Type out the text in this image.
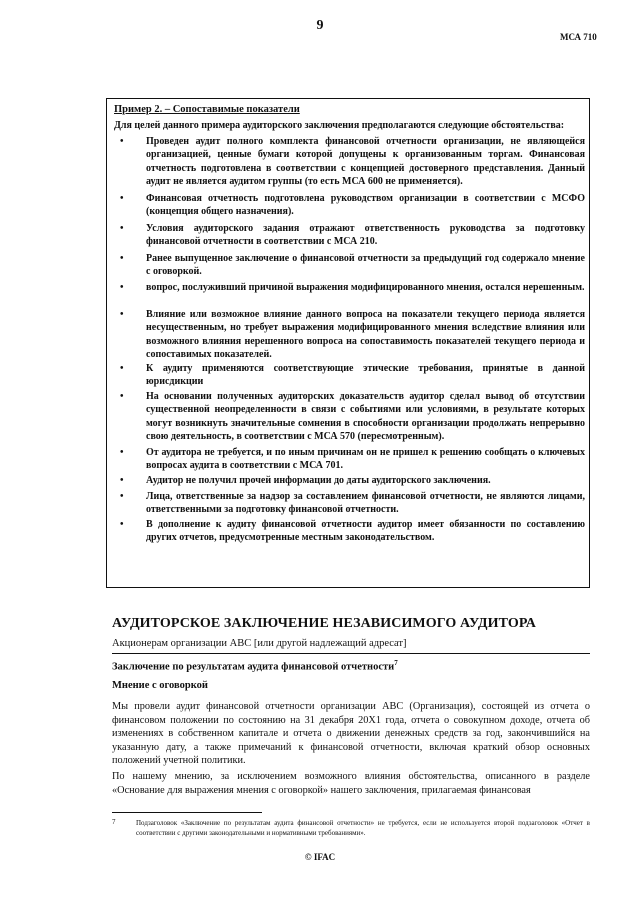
9
МСА 710
Пример 2. – Сопоставимые показатели
Для целей данного примера аудиторского заключения предполагаются следующие обстоятельства:
• Проведен аудит полного комплекта финансовой отчетности организации, не являющейся организацией, ценные бумаги которой допущены к организованным торгам. Финансовая отчетность подготовлена в соответствии с концепцией достоверного представления. Данный аудит не является аудитом группы (то есть МСА 600 не применяется).
• Финансовая отчетность подготовлена руководством организации в соответствии с МСФО (концепция общего назначения).
• Условия аудиторского задания отражают ответственность руководства за подготовку финансовой отчетности в соответствии с МСА 210.
• Ранее выпущенное заключение о финансовой отчетности за предыдущий год содержало мнение с оговоркой.
• вопрос, послуживший причиной выражения модифицированного мнения, остался нерешенным.
• Влияние или возможное влияние данного вопроса на показатели текущего периода является несущественным, но требует выражения модифицированного мнения вследствие влияния или возможного влияния нерешенного вопроса на сопоставимость показателей текущего периода и сопоставимых показателей.
• К аудиту применяются соответствующие этические требования, принятые в данной юрисдикции
• На основании полученных аудиторских доказательств аудитор сделал вывод об отсутствии существенной неопределенности в связи с событиями или условиями, в результате которых могут возникнуть значительные сомнения в способности организации продолжать непрерывно свою деятельность, в соответствии с МСА 570 (пересмотренным).
• От аудитора не требуется, и по иным причинам он не пришел к решению сообщать о ключевых вопросах аудита в соответствии с МСА 701.
• Аудитор не получил прочей информации до даты аудиторского заключения.
• Лица, ответственные за надзор за составлением финансовой отчетности, не являются лицами, ответственными за подготовку финансовой отчетности.
• В дополнение к аудиту финансовой отчетности аудитор имеет обязанности по составлению других отчетов, предусмотренные местным законодательством.
АУДИТОРСКОЕ ЗАКЛЮЧЕНИЕ НЕЗАВИСИМОГО АУДИТОРА
Акционерам организации АВС [или другой надлежащий адресат]
Заключение по результатам аудита финансовой отчетности$^7$
Мнение с оговоркой
Мы провели аудит финансовой отчетности организации АВС (Организация), состоящей из отчета о финансовом положении по состоянию на 31 декабря 20Х1 года, отчета о совокупном доходе, отчета об изменениях в собственном капитале и отчета о движении денежных средств за год, закончившийся на указанную дату, а также примечаний к финансовой отчетности, включая краткий обзор основных положений учетной политики.
По нашему мнению, за исключением возможного влияния обстоятельства, описанного в разделе «Основание для выражения мнения с оговоркой» нашего заключения, прилагаемая финансовая
7	Подзаголовок «Заключение по результатам аудита финансовой отчетности» не требуется, если не используется второй подзаголовок «Отчет в соответствии с другими законодательными и нормативными требованиями».
© IFAC
